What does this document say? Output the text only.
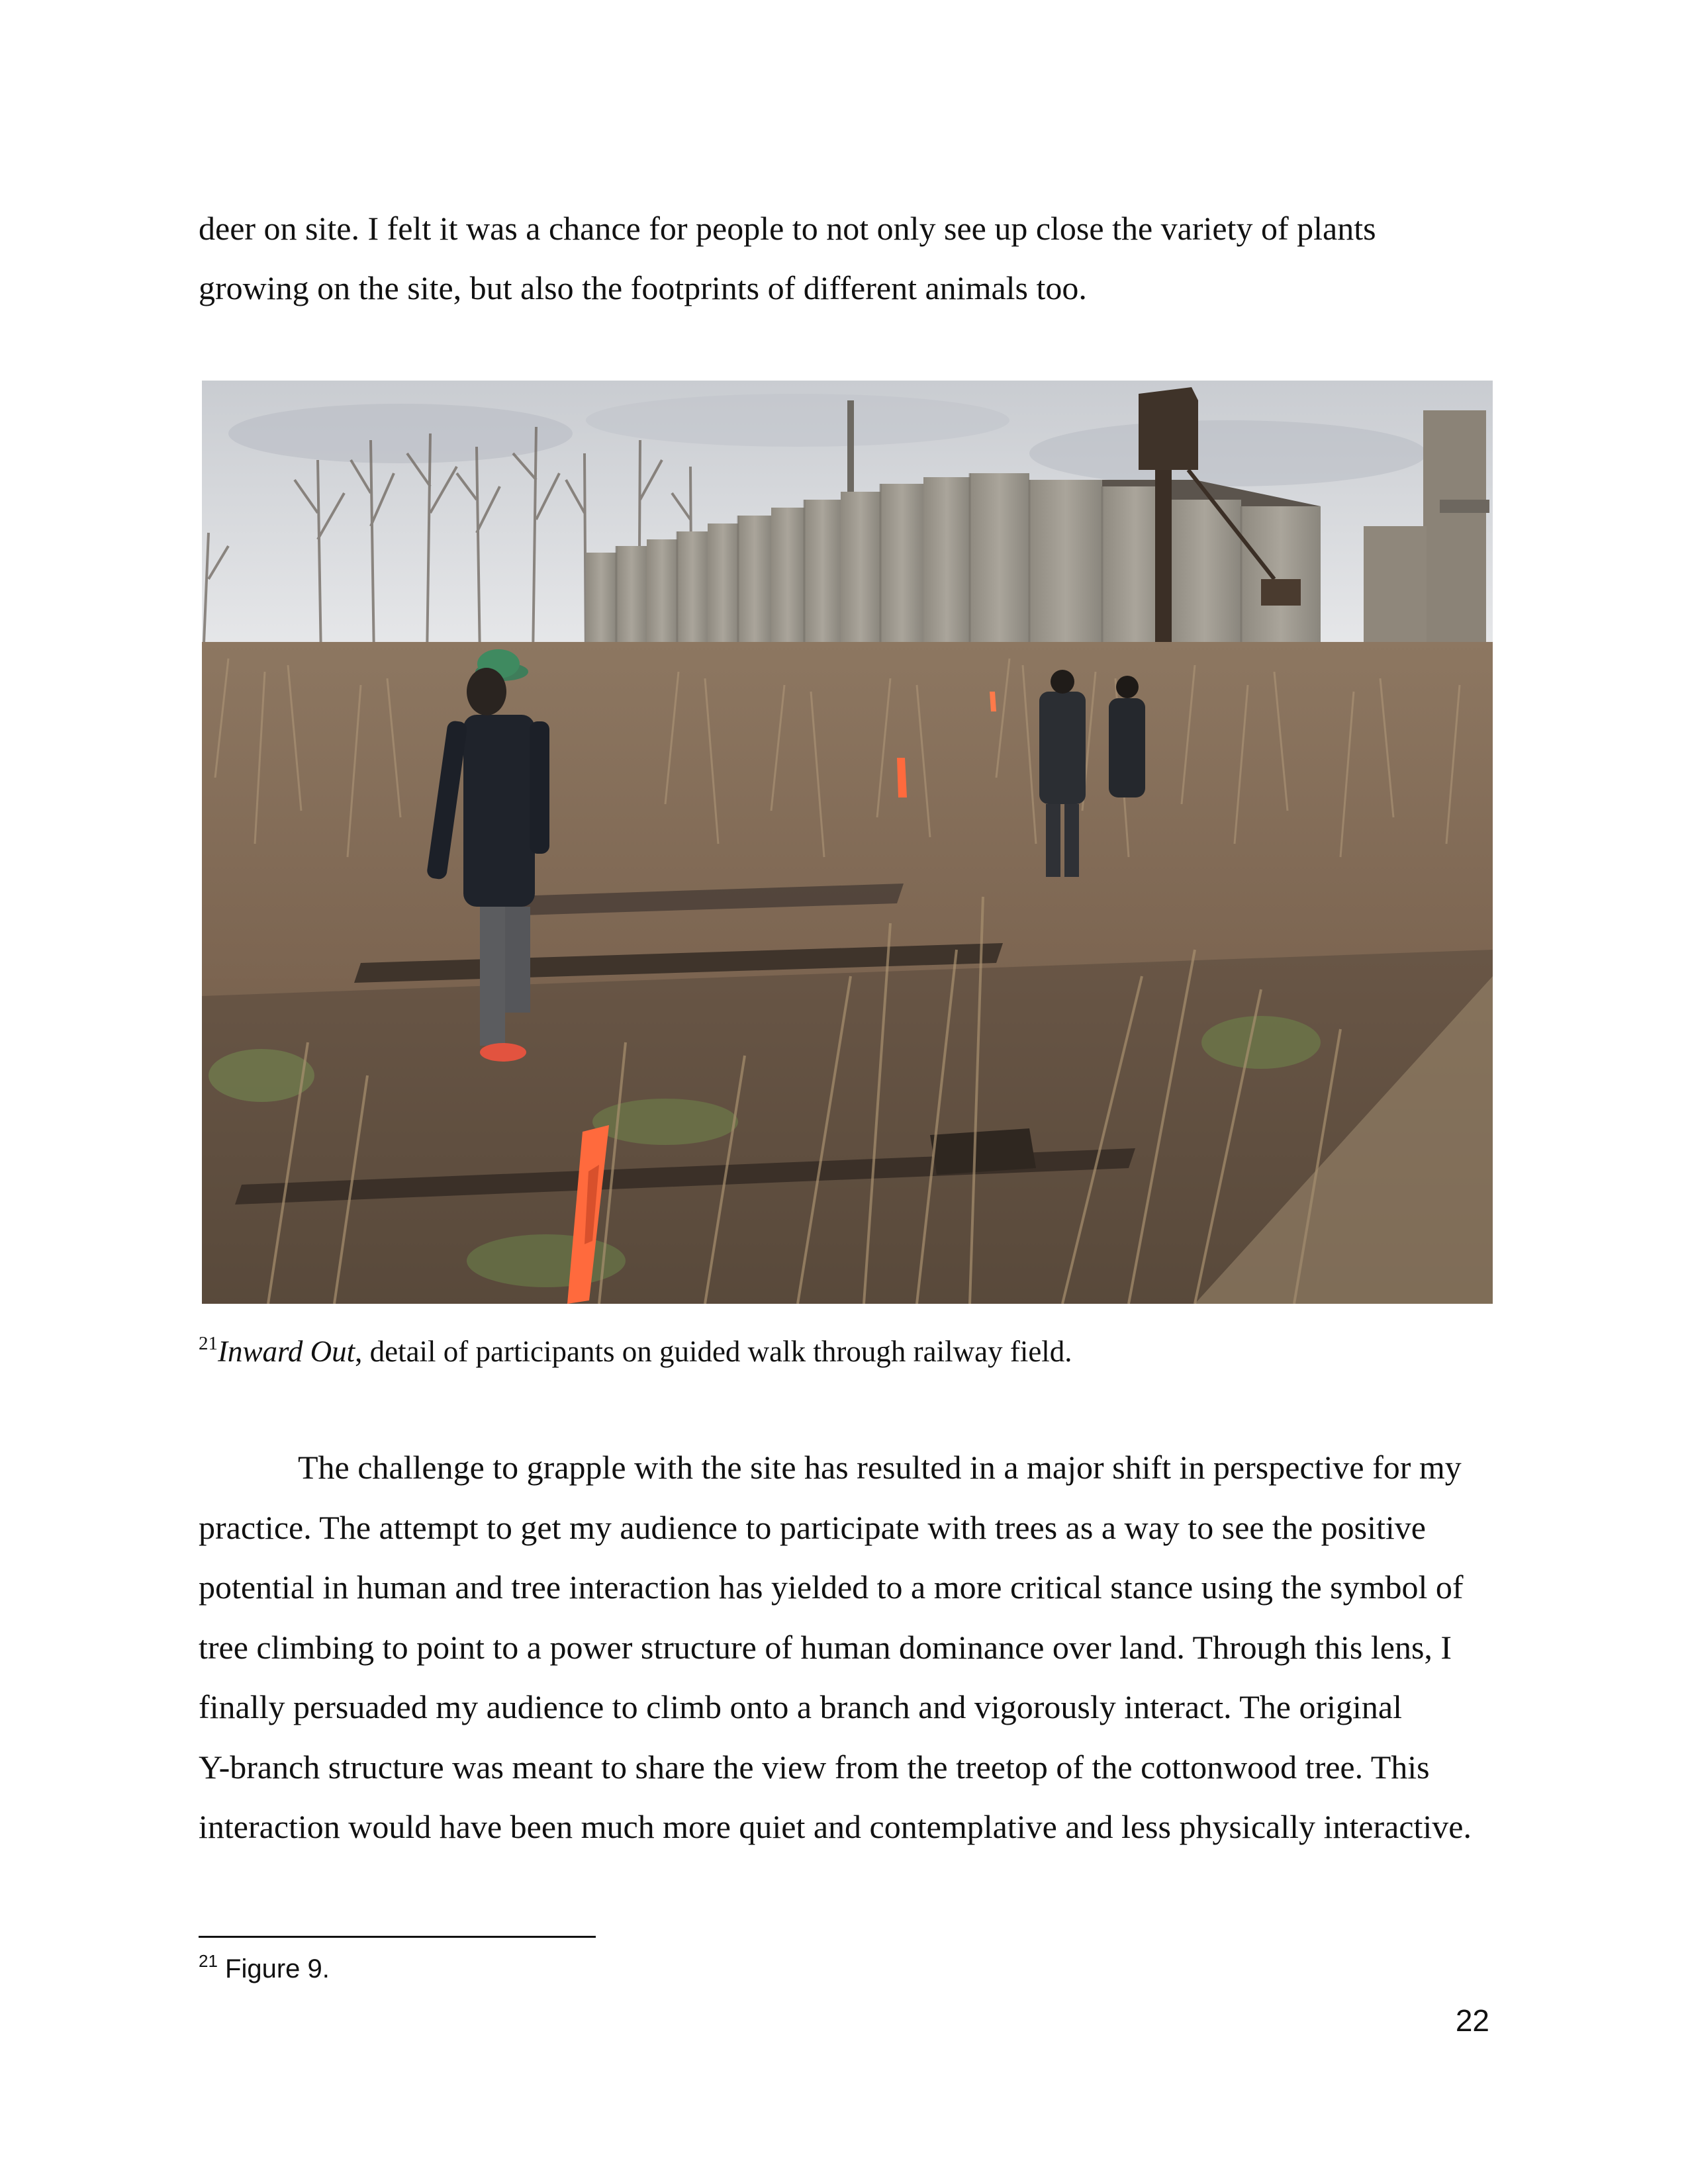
deer on site. I felt it was a chance for people to not only see up close the variety of plants
growing on the site, but also the footprints of different animals too.
$^{21}$Inward Out, detail of participants on guided walk through railway field.
The challenge to grapple with the site has resulted in a major shift in perspective for my
practice. The attempt to get my audience to participate with trees as a way to see the positive
potential in human and tree interaction has yielded to a more critical stance using the symbol of
tree climbing to point to a power structure of human dominance over land. Through this lens, I
finally persuaded my audience to climb onto a branch and vigorously interact. The original
Y-branch structure was meant to share the view from the treetop of the cottonwood tree. This
interaction would have been much more quiet and contemplative and less physically interactive.
$^{21}$ Figure 9.
22
